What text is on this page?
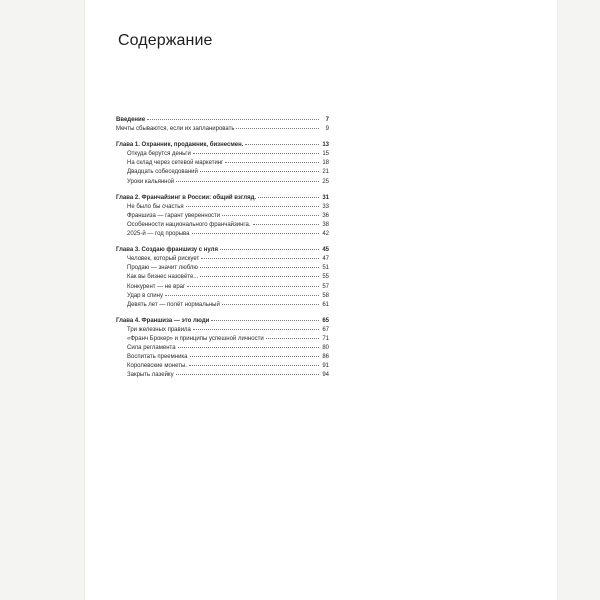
Содержание
Введение	7
Мечты сбываются, если их запланировать	9
Глава 1. Охранник, продажник, бизнесмен.	13
Откуда берутся деньги	15
На склад через сетевой маркетинг	18
Двадцать собеседований	21
Уроки кальянной	25
Глава 2. Франчайзинг в России: общий взгляд.	31
Не было бы счастья	33
Франшиза — гарант уверенности	36
Особенности национального франчайзинга.	38
2025-й — год прорыва	42
Глава 3. Создаю франшизу с нуля	45
Человек, который рискует	47
Продаю — значит люблю	51
Как вы бизнес назовёте...	55
Конкурент — не враг	57
Удар в спину	58
Девять лет — полёт нормальный	61
Глава 4. Франшиза — это люди	65
Три железных правила	67
«Франч Брокер» и принципы успешной личности	71
Сила регламента	80
Воспитать преемника	86
Королевские монеты.	91
Закрыть лазейку	94
